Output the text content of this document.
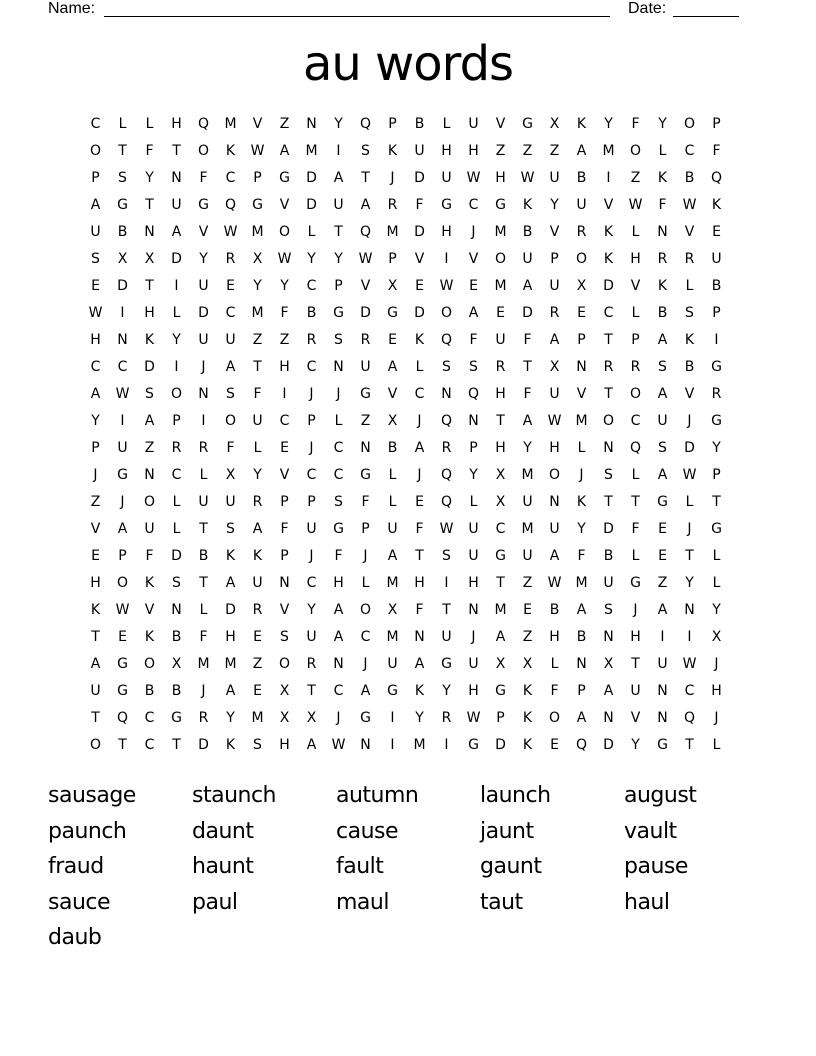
Name:	Date:
au words
C	L	L	H	Q	M	V	Z	N	Y	Q	P	B	L	U	V	G	X	K	Y	F	Y	O	P
O	T	F	T	O	K	W	A	M	I	S	K	U	H	H	Z	Z	Z	A	M	O	L	C	F
P	S	Y	N	F	C	P	G	D	A	T	J	D	U	W	H	W	U	B	I	Z	K	B	Q
A	G	T	U	G	Q	G	V	D	U	A	R	F	G	C	G	K	Y	U	V	W	F	W	K
U	B	N	A	V	W	M	O	L	T	Q	M	D	H	J	M	B	V	R	K	L	N	V	E
S	X	X	D	Y	R	X	W	Y	Y	W	P	V	I	V	O	U	P	O	K	H	R	R	U
E	D	T	I	U	E	Y	Y	C	P	V	X	E	W	E	M	A	U	X	D	V	K	L	B
W	I	H	L	D	C	M	F	B	G	D	G	D	O	A	E	D	R	E	C	L	B	S	P
H	N	K	Y	U	U	Z	Z	R	S	R	E	K	Q	F	U	F	A	P	T	P	A	K	I
C	C	D	I	J	A	T	H	C	N	U	A	L	S	S	R	T	X	N	R	R	S	B	G
A	W	S	O	N	S	F	I	J	J	G	V	C	N	Q	H	F	U	V	T	O	A	V	R
Y	I	A	P	I	O	U	C	P	L	Z	X	J	Q	N	T	A	W	M	O	C	U	J	G
P	U	Z	R	R	F	L	E	J	C	N	B	A	R	P	H	Y	H	L	N	Q	S	D	Y
J	G	N	C	L	X	Y	V	C	C	G	L	J	Q	Y	X	M	O	J	S	L	A	W	P
Z	J	O	L	U	U	R	P	P	S	F	L	E	Q	L	X	U	N	K	T	T	G	L	T
V	A	U	L	T	S	A	F	U	G	P	U	F	W	U	C	M	U	Y	D	F	E	J	G
E	P	F	D	B	K	K	P	J	F	J	A	T	S	U	G	U	A	F	B	L	E	T	L
H	O	K	S	T	A	U	N	C	H	L	M	H	I	H	T	Z	W	M	U	G	Z	Y	L
K	W	V	N	L	D	R	V	Y	A	O	X	F	T	N	M	E	B	A	S	J	A	N	Y
T	E	K	B	F	H	E	S	U	A	C	M	N	U	J	A	Z	H	B	N	H	I	I	X
A	G	O	X	M	M	Z	O	R	N	J	U	A	G	U	X	X	L	N	X	T	U	W	J
U	G	B	B	J	A	E	X	T	C	A	G	K	Y	H	G	K	F	P	A	U	N	C	H
T	Q	C	G	R	Y	M	X	X	J	G	I	Y	R	W	P	K	O	A	N	V	N	Q	J
O	T	C	T	D	K	S	H	A	W	N	I	M	I	G	D	K	E	Q	D	Y	G	T	L
sausage	staunch	autumn	launch	august
paunch	daunt	cause	jaunt	vault
fraud	haunt	fault	gaunt	pause
sauce	paul	maul	taut	haul
daub
